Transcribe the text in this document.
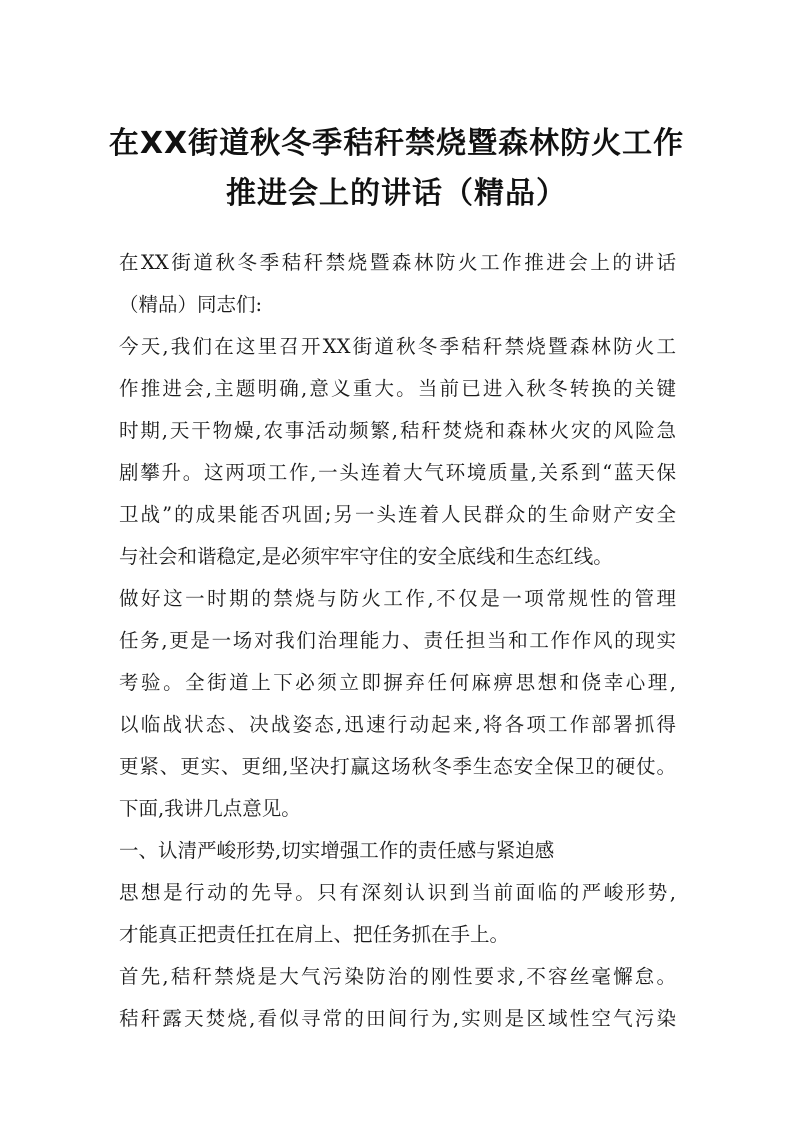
在XX街道秋冬季秸秆禁烧暨森林防火工作
推进会上的讲话（精品）
在XX街道秋冬季秸秆禁烧暨森林防火工作推进会上的讲话
（精品）同志们:
今天,我们在这里召开XX街道秋冬季秸秆禁烧暨森林防火工
作推进会,主题明确,意义重大。当前已进入秋冬转换的关键
时期,天干物燥,农事活动频繁,秸秆焚烧和森林火灾的风险急
剧攀升。这两项工作,一头连着大气环境质量,关系到“蓝天保
卫战”的成果能否巩固;另一头连着人民群众的生命财产安全
与社会和谐稳定,是必须牢牢守住的安全底线和生态红线。
做好这一时期的禁烧与防火工作,不仅是一项常规性的管理
任务,更是一场对我们治理能力、责任担当和工作作风的现实
考验。全街道上下必须立即摒弃任何麻痹思想和侥幸心理,
以临战状态、决战姿态,迅速行动起来,将各项工作部署抓得
更紧、更实、更细,坚决打赢这场秋冬季生态安全保卫的硬仗。
下面,我讲几点意见。
一、认清严峻形势,切实增强工作的责任感与紧迫感
思想是行动的先导。只有深刻认识到当前面临的严峻形势,
才能真正把责任扛在肩上、把任务抓在手上。
首先,秸秆禁烧是大气污染防治的刚性要求,不容丝毫懈怠。
秸秆露天焚烧,看似寻常的田间行为,实则是区域性空气污染
